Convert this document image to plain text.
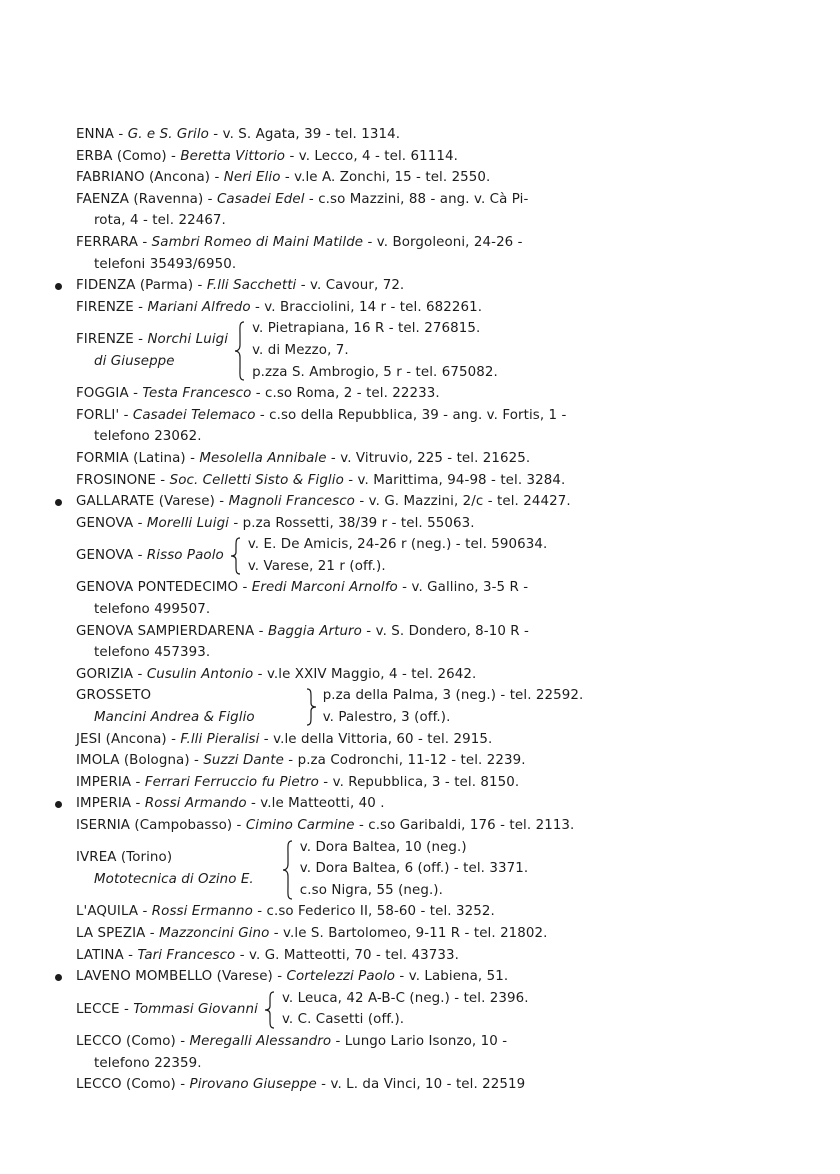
ENNA - G. e S. Grilo - v. S. Agata, 39 - tel. 1314.
ERBA (Como) - Beretta Vittorio - v. Lecco, 4 - tel. 61114.
FABRIANO (Ancona) - Neri Elio - v.le A. Zonchi, 15 - tel. 2550.
FAENZA (Ravenna) - Casadei Edel - c.so Mazzini, 88 - ang. v. Cà Pi-
rota, 4 - tel. 22467.
FERRARA - Sambri Romeo di Maini Matilde - v. Borgoleoni, 24-26 -
telefoni 35493/6950.
FIDENZA (Parma) - F.lli Sacchetti - v. Cavour, 72.
FIRENZE - Mariani Alfredo - v. Bracciolini, 14 r - tel. 682261.
FIRENZE - Norchi Luigi
di Giuseppe
v. Pietrapiana, 16 R - tel. 276815.
v. di Mezzo, 7.
p.zza S. Ambrogio, 5 r - tel. 675082.
FOGGIA - Testa Francesco - c.so Roma, 2 - tel. 22233.
FORLI' - Casadei Telemaco - c.so della Repubblica, 39 - ang. v. Fortis, 1 -
telefono 23062.
FORMIA (Latina) - Mesolella Annibale - v. Vitruvio, 225 - tel. 21625.
FROSINONE - Soc. Celletti Sisto & Figlio - v. Marittima, 94-98 - tel. 3284.
GALLARATE (Varese) - Magnoli Francesco - v. G. Mazzini, 2/c - tel. 24427.
GENOVA - Morelli Luigi - p.za Rossetti, 38/39 r - tel. 55063.
GENOVA - Risso Paolo
v. E. De Amicis, 24-26 r (neg.) - tel. 590634.
v. Varese, 21 r (off.).
GENOVA PONTEDECIMO - Eredi Marconi Arnolfo - v. Gallino, 3-5 R -
telefono 499507.
GENOVA SAMPIERDARENA - Baggia Arturo - v. S. Dondero, 8-10 R -
telefono 457393.
GORIZIA - Cusulin Antonio - v.le XXIV Maggio, 4 - tel. 2642.
GROSSETO
Mancini Andrea & Figlio
p.za della Palma, 3 (neg.) - tel. 22592.
v. Palestro, 3 (off.).
JESI (Ancona) - F.lli Pieralisi - v.le della Vittoria, 60 - tel. 2915.
IMOLA (Bologna) - Suzzi Dante - p.za Codronchi, 11-12 - tel. 2239.
IMPERIA - Ferrari Ferruccio fu Pietro - v. Repubblica, 3 - tel. 8150.
IMPERIA - Rossi Armando - v.le Matteotti, 40 .
ISERNIA (Campobasso) - Cimino Carmine - c.so Garibaldi, 176 - tel. 2113.
IVREA (Torino)
Mototecnica di Ozino E.
v. Dora Baltea, 10 (neg.)
v. Dora Baltea, 6 (off.) - tel. 3371.
c.so Nigra, 55 (neg.).
L'AQUILA - Rossi Ermanno - c.so Federico II, 58-60 - tel. 3252.
LA SPEZIA - Mazzoncini Gino - v.le S. Bartolomeo, 9-11 R - tel. 21802.
LATINA - Tari Francesco - v. G. Matteotti, 70 - tel. 43733.
LAVENO MOMBELLO (Varese) - Cortelezzi Paolo - v. Labiena, 51.
LECCE - Tommasi Giovanni
v. Leuca, 42 A-B-C (neg.) - tel. 2396.
v. C. Casetti (off.).
LECCO (Como) - Meregalli Alessandro - Lungo Lario Isonzo, 10 -
telefono 22359.
LECCO (Como) - Pirovano Giuseppe - v. L. da Vinci, 10 - tel. 22519
